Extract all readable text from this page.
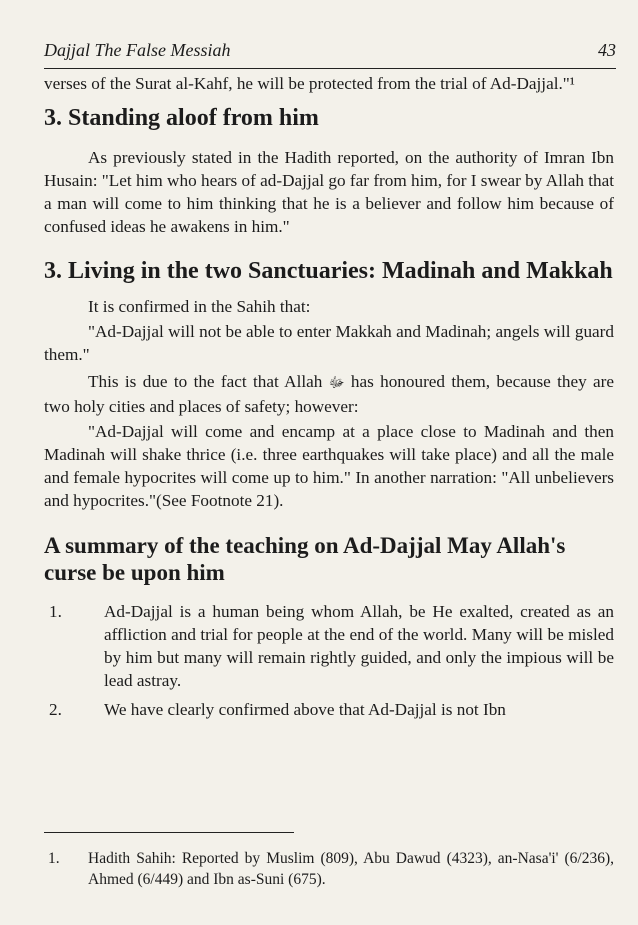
Dajjal The False Messiah	43

verses of the Surat al-Kahf, he will be protected from the trial of Ad-Dajjal."¹

3. Standing aloof from him

As previously stated in the Hadith reported, on the authority of Imran Ibn Husain: "Let him who hears of ad-Dajjal go far from him, for I swear by Allah that a man will come to him thinking that he is a believer and follow him because of confused ideas he awakens in him."

3. Living in the two Sanctuaries: Madinah and Makkah

It is confirmed in the Sahih that:

"Ad-Dajjal will not be able to enter Makkah and Madinah; angels will guard them."

This is due to the fact that Allah ﷻ has honoured them, because they are two holy cities and places of safety; however:

"Ad-Dajjal will come and encamp at a place close to Madinah and then Madinah will shake thrice (i.e. three earthquakes will take place) and all the male and female hypocrites will come up to him." In another narration: "All unbelievers and hypocrites."(See Footnote 21).

A summary of the teaching on Ad-Dajjal May Allah's curse be upon him
1. Ad-Dajjal is a human being whom Allah, be He exalted, created as an affliction and trial for people at the end of the world. Many will be misled by him but many will remain rightly guided, and only the impious will be lead astray.
2. We have clearly confirmed above that Ad-Dajjal is not Ibn
1.	Hadith Sahih: Reported by Muslim (809), Abu Dawud (4323), an-Nasa'i' (6/236), Ahmed (6/449) and Ibn as-Suni (675).
